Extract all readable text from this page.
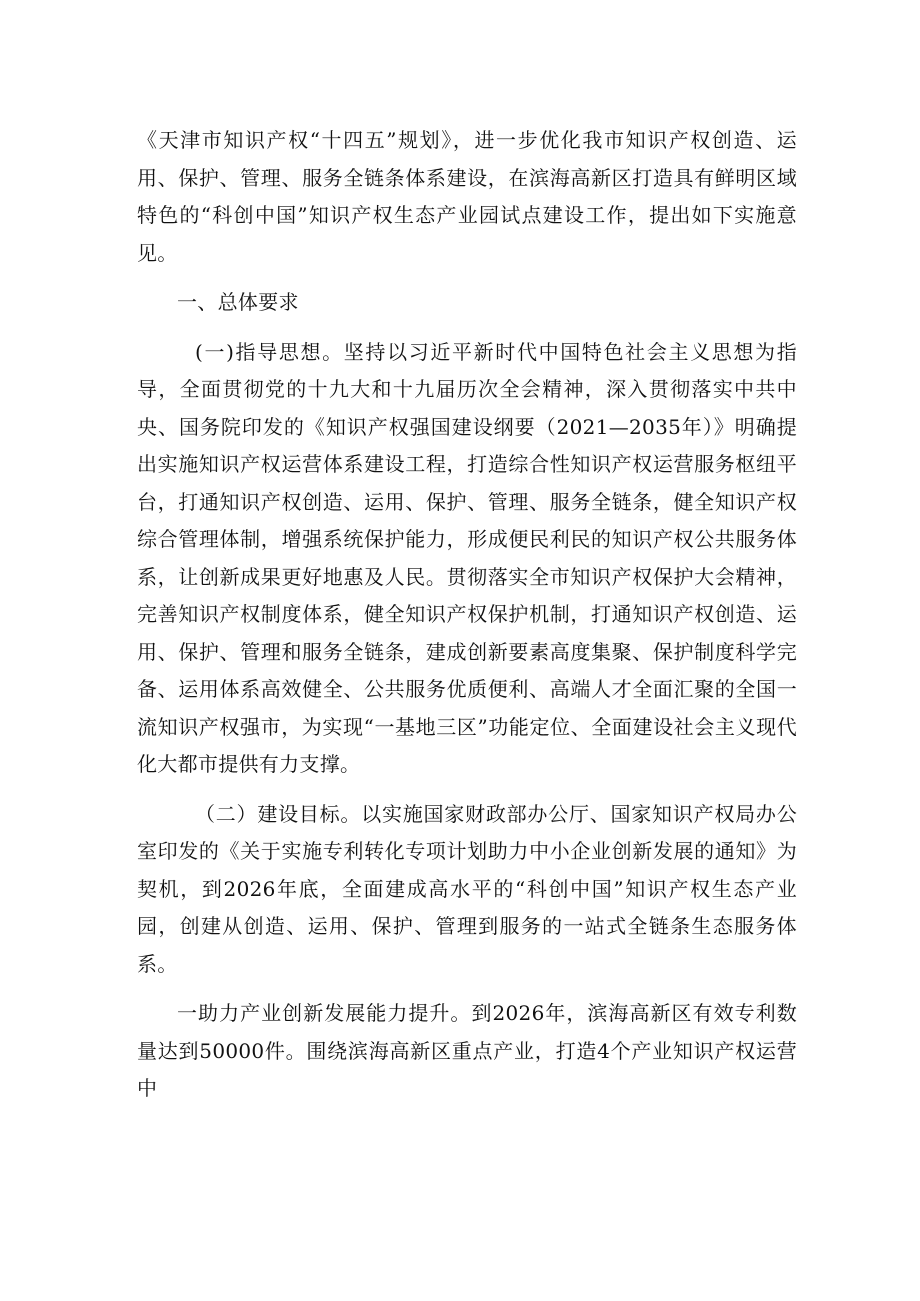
《天津市知识产权“十四五”规划》，进一步优化我市知识产权创造、运用、保护、管理、服务全链条体系建设，在滨海高新区打造具有鲜明区域特色的“科创中国”知识产权生态产业园试点建设工作，提出如下实施意见。

一、总体要求

(一)指导思想。坚持以习近平新时代中国特色社会主义思想为指导，全面贯彻党的十九大和十九届历次全会精神，深入贯彻落实中共中央、国务院印发的《知识产权强国建设纲要（2021—2035年）》明确提出实施知识产权运营体系建设工程，打造综合性知识产权运营服务枢纽平台，打通知识产权创造、运用、保护、管理、服务全链条，健全知识产权综合管理体制，增强系统保护能力，形成便民利民的知识产权公共服务体系，让创新成果更好地惠及人民。贯彻落实全市知识产权保护大会精神，完善知识产权制度体系，健全知识产权保护机制，打通知识产权创造、运用、保护、管理和服务全链条，建成创新要素高度集聚、保护制度科学完备、运用体系高效健全、公共服务优质便利、高端人才全面汇聚的全国一流知识产权强市，为实现“一基地三区”功能定位、全面建设社会主义现代化大都市提供有力支撑。

（二）建设目标。以实施国家财政部办公厅、国家知识产权局办公室印发的《关于实施专利转化专项计划助力中小企业创新发展的通知》为契机，到2026年底，全面建成高水平的“科创中国”知识产权生态产业园，创建从创造、运用、保护、管理到服务的一站式全链条生态服务体系。

一助力产业创新发展能力提升。到2026年，滨海高新区有效专利数量达到50000件。围绕滨海高新区重点产业，打造4个产业知识产权运营中
